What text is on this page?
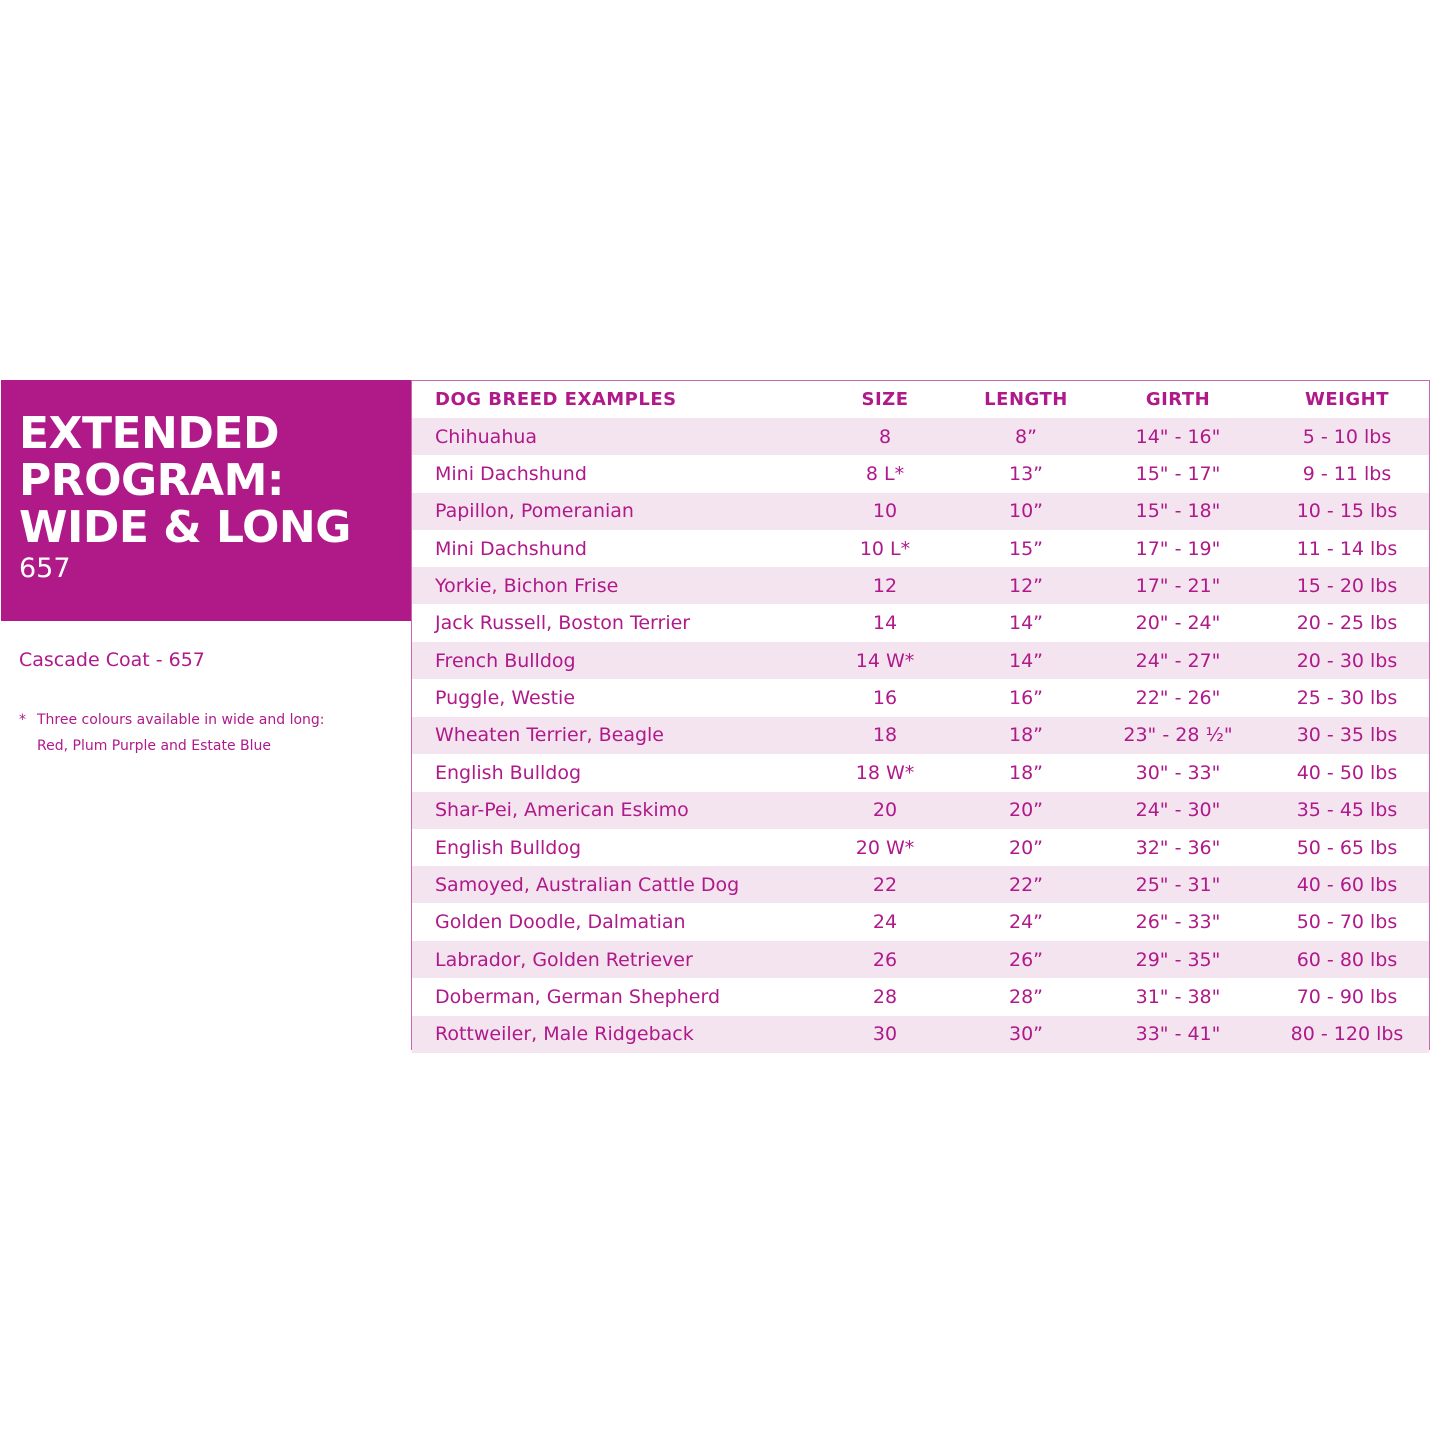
EXTENDED
PROGRAM:
WIDE & LONG
657
Cascade Coat - 657
* Three colours available in wide and long:
Red, Plum Purple and Estate Blue
DOG BREED EXAMPLES	SIZE	LENGTH	GIRTH	WEIGHT
Chihuahua	8	8ˮ	14" - 16"	5 - 10 lbs
Mini Dachshund	8 L*	13ˮ	15" - 17"	9 - 11 lbs
Papillon, Pomeranian	10	10ˮ	15" - 18"	10 - 15 lbs
Mini Dachshund	10 L*	15ˮ	17" - 19"	11 - 14 lbs
Yorkie, Bichon Frise	12	12ˮ	17" - 21"	15 - 20 lbs
Jack Russell, Boston Terrier	14	14ˮ	20" - 24"	20 - 25 lbs
French Bulldog	14 W*	14ˮ	24" - 27"	20 - 30 lbs
Puggle, Westie	16	16ˮ	22" - 26"	25 - 30 lbs
Wheaten Terrier, Beagle	18	18ˮ	23" - 28 ½"	30 - 35 lbs
English Bulldog	18 W*	18ˮ	30" - 33"	40 - 50 lbs
Shar-Pei, American Eskimo	20	20ˮ	24" - 30"	35 - 45 lbs
English Bulldog	20 W*	20ˮ	32" - 36"	50 - 65 lbs
Samoyed, Australian Cattle Dog	22	22ˮ	25" - 31"	40 - 60 lbs
Golden Doodle, Dalmatian	24	24ˮ	26" - 33"	50 - 70 lbs
Labrador, Golden Retriever	26	26ˮ	29" - 35"	60 - 80 lbs
Doberman, German Shepherd	28	28ˮ	31" - 38"	70 - 90 lbs
Rottweiler, Male Ridgeback	30	30ˮ	33" - 41"	80 - 120 lbs
